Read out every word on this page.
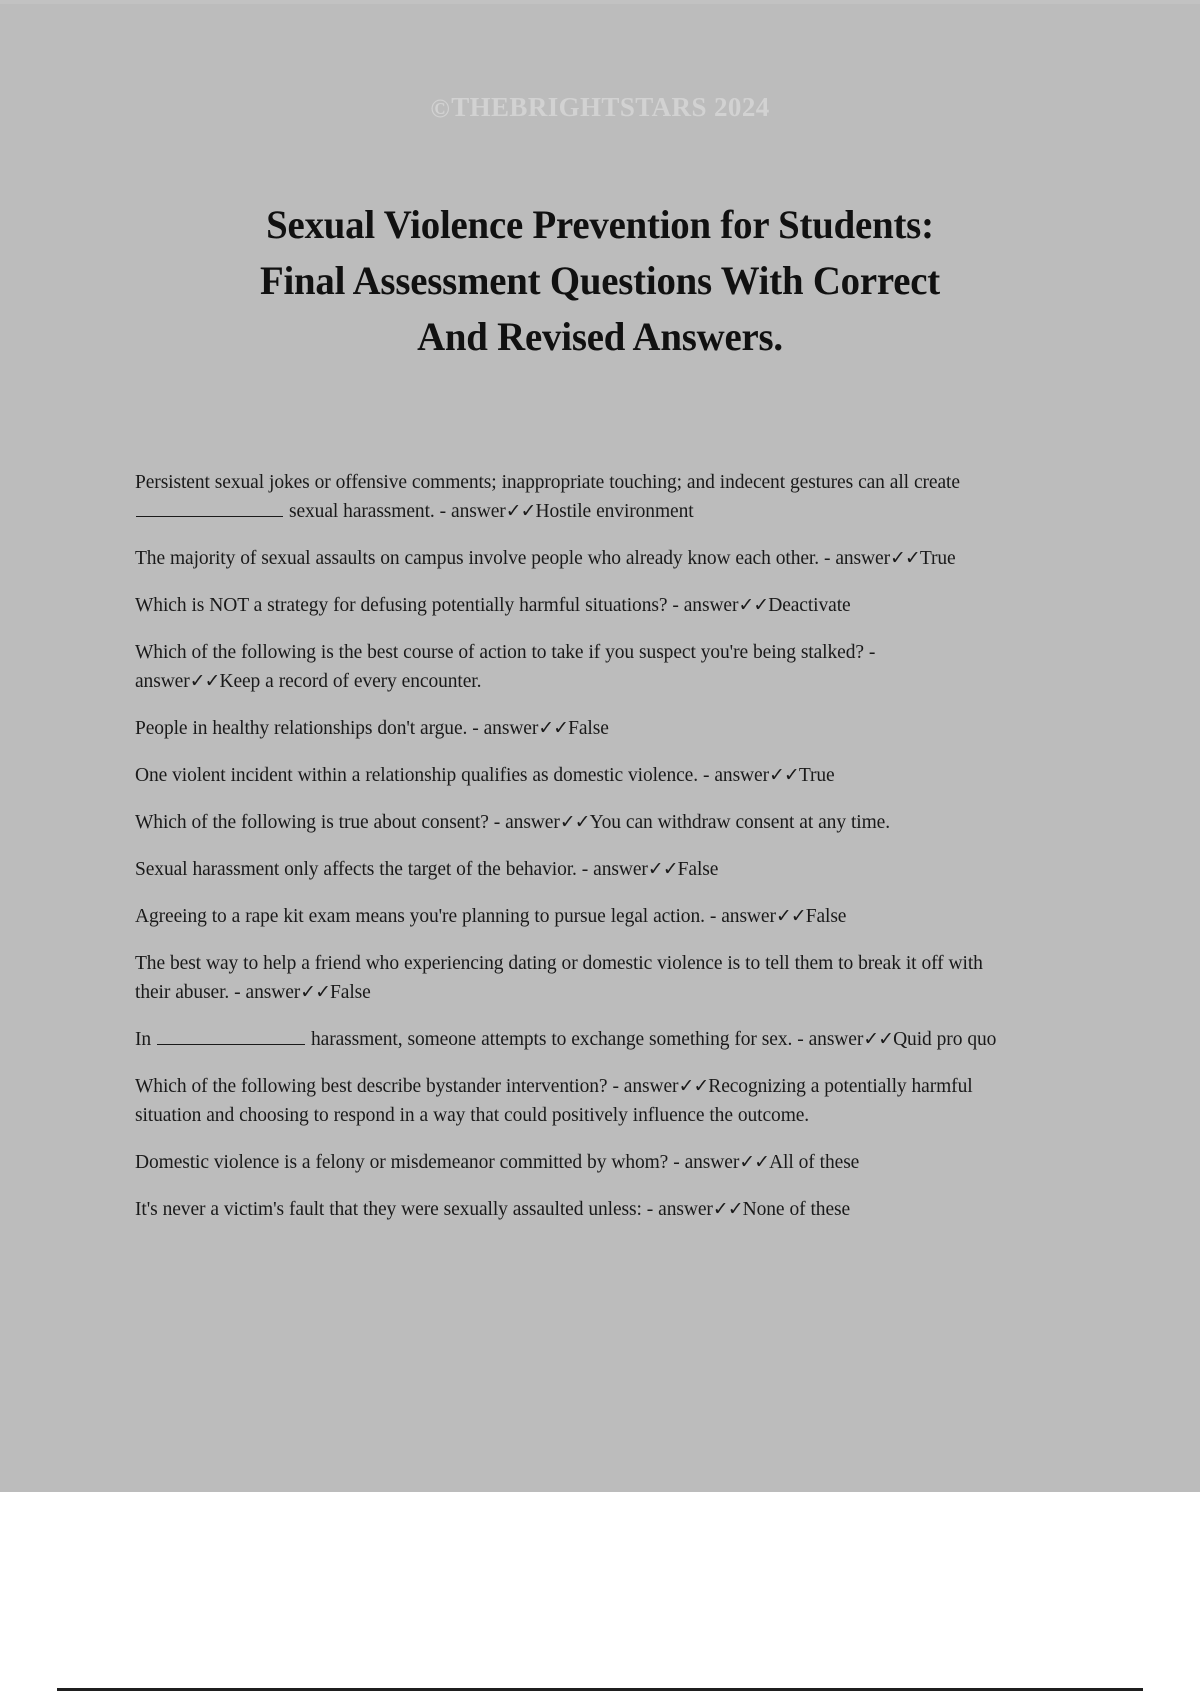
©THEBRIGHTSTARS 2024
Sexual Violence Prevention for Students:
Final Assessment Questions With Correct
And Revised Answers.

Persistent sexual jokes or offensive comments; inappropriate touching; and indecent gestures can all create sexual harassment. - answer✓✓Hostile environment

The majority of sexual assaults on campus involve people who already know each other. - answer✓✓True

Which is NOT a strategy for defusing potentially harmful situations? - answer✓✓Deactivate

Which of the following is the best course of action to take if you suspect you're being stalked? - answer✓✓Keep a record of every encounter.

People in healthy relationships don't argue. - answer✓✓False

One violent incident within a relationship qualifies as domestic violence. - answer✓✓True

Which of the following is true about consent? - answer✓✓You can withdraw consent at any time.

Sexual harassment only affects the target of the behavior. - answer✓✓False

Agreeing to a rape kit exam means you're planning to pursue legal action. - answer✓✓False

The best way to help a friend who experiencing dating or domestic violence is to tell them to break it off with their abuser. - answer✓✓False

In	harassment, someone attempts to exchange something for sex. - answer✓✓Quid pro quo

Which of the following best describe bystander intervention? - answer✓✓Recognizing a potentially harmful situation and choosing to respond in a way that could positively influence the outcome.

Domestic violence is a felony or misdemeanor committed by whom? - answer✓✓All of these

It's never a victim's fault that they were sexually assaulted unless: - answer✓✓None of these
